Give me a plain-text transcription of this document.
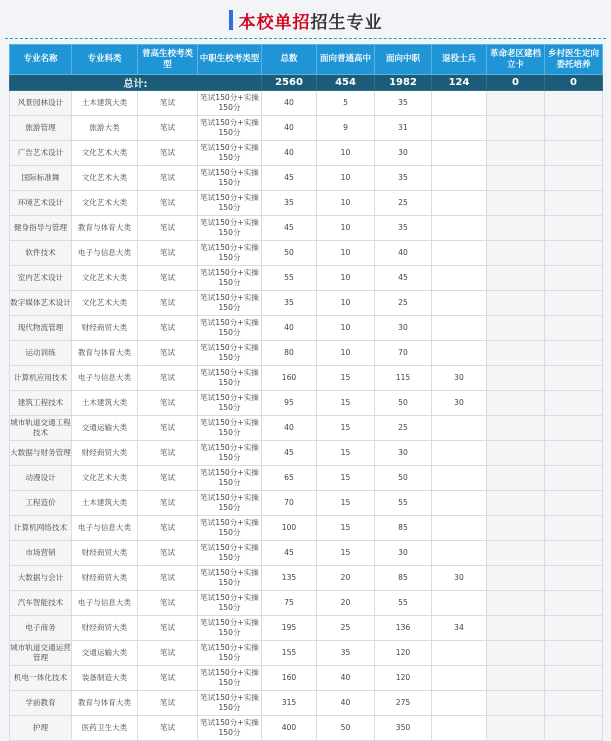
本校单招招生专业
专业名称	专业科类	普高生校考类型	中职生校考类型	总数	面向普通高中	面向中职	退役士兵	革命老区建档立卡	乡村医生定向委托培养
总计:				2560	454	1982	124	0	0
风景园林设计	土木建筑大类	笔试	笔试150分+实操150分	40	5	35			
旅游管理	旅游大类	笔试	笔试150分+实操150分	40	9	31			
广告艺术设计	文化艺术大类	笔试	笔试150分+实操150分	40	10	30			
国际标准舞	文化艺术大类	笔试	笔试150分+实操150分	45	10	35			
环境艺术设计	文化艺术大类	笔试	笔试150分+实操150分	35	10	25			
健身指导与管理	教育与体育大类	笔试	笔试150分+实操150分	45	10	35			
软件技术	电子与信息大类	笔试	笔试150分+实操150分	50	10	40			
室内艺术设计	文化艺术大类	笔试	笔试150分+实操150分	55	10	45			
数字媒体艺术设计	文化艺术大类	笔试	笔试150分+实操150分	35	10	25			
现代物流管理	财经商贸大类	笔试	笔试150分+实操150分	40	10	30			
运动训练	教育与体育大类	笔试	笔试150分+实操150分	80	10	70			
计算机应用技术	电子与信息大类	笔试	笔试150分+实操150分	160	15	115	30		
建筑工程技术	土木建筑大类	笔试	笔试150分+实操150分	95	15	50	30		
城市轨道交通工程技术	交通运输大类	笔试	笔试150分+实操150分	40	15	25			
大数据与财务管理	财经商贸大类	笔试	笔试150分+实操150分	45	15	30			
动漫设计	文化艺术大类	笔试	笔试150分+实操150分	65	15	50			
工程造价	土木建筑大类	笔试	笔试150分+实操150分	70	15	55			
计算机网络技术	电子与信息大类	笔试	笔试150分+实操150分	100	15	85			
市场营销	财经商贸大类	笔试	笔试150分+实操150分	45	15	30			
大数据与会计	财经商贸大类	笔试	笔试150分+实操150分	135	20	85	30		
汽车智能技术	电子与信息大类	笔试	笔试150分+实操150分	75	20	55			
电子商务	财经商贸大类	笔试	笔试150分+实操150分	195	25	136	34		
城市轨道交通运营管理	交通运输大类	笔试	笔试150分+实操150分	155	35	120			
机电一体化技术	装备制造大类	笔试	笔试150分+实操150分	160	40	120			
学前教育	教育与体育大类	笔试	笔试150分+实操150分	315	40	275			
护理	医药卫生大类	笔试	笔试150分+实操150分	400	50	350			
